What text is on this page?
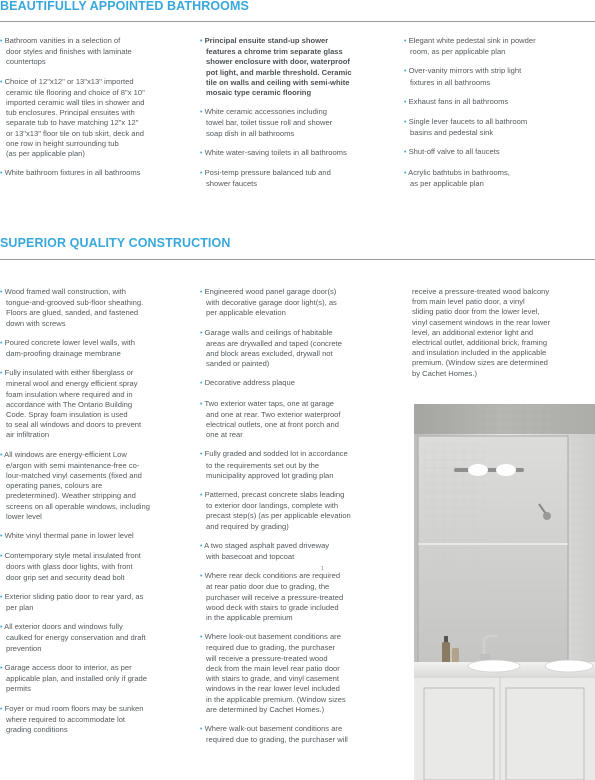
BEAUTIFULLY APPOINTED BATHROOMS
• Bathroom vanities in a selection of
door styles and finishes with laminate
countertops
• Choice of 12"x12" or 13"x13" imported
ceramic tile flooring and choice of 8"x 10"
imported ceramic wall tiles in shower and
tub enclosures. Principal ensuites with
separate tub to have matching 12"x 12"
or 13"x13" floor tile on tub skirt, deck and
one row in height surrounding tub
(as per applicable plan)
• White bathroom fixtures in all bathrooms
• Principal ensuite stand-up shower
features a chrome trim separate glass
shower enclosure with door, waterproof
pot light, and marble threshold. Ceramic
tile on walls and ceiling with semi-white
mosaic type ceramic flooring
• White ceramic accessories including
towel bar, toilet tissue roll and shower
soap dish in all bathrooms
• White water-saving toilets in all bathrooms
• Posi-temp pressure balanced tub and
shower faucets
• Elegant white pedestal sink in powder
room, as per applicable plan
• Over-vanity mirrors with strip light
fixtures in all bathrooms
• Exhaust fans in all bathrooms
• Single lever faucets to all bathroom
basins and pedestal sink
• Shut-off valve to all faucets
• Acrylic bathtubs in bathrooms,
as per applicable plan
SUPERIOR QUALITY CONSTRUCTION
• Wood framed wall construction, with
tongue-and-grooved sub-floor sheathing.
Floors are glued, sanded, and fastened
down with screws
• Poured concrete lower level walls, with
dam-proofing drainage membrane
• Fully insulated with either fiberglass or
mineral wool and energy efficient spray
foam insulation where required and in
accordance with The Ontario Building
Code. Spray foam insulation is used
to seal all windows and doors to prevent
air infiltration
• All windows are energy-efficient Low
e/argon with semi maintenance-free co-
lour-matched vinyl casements (fixed and
operating panes, colours are
predetermined). Weather stripping and
screens on all operable windows, including
lower level
• White vinyl thermal pane in lower level
• Contemporary style metal insulated front
doors with glass door lights, with front
door grip set and security dead bolt
• Exterior sliding patio door to rear yard, as
per plan
• All exterior doors and windows fully
caulked for energy conservation and draft
prevention
• Garage access door to interior, as per
applicable plan, and installed only if grade
permits
• Foyer or mud room floors may be sunken
where required to accommodate lot
grading conditions
• Engineered wood panel garage door(s)
with decorative garage door light(s), as
per applicable elevation
• Garage walls and ceilings of habitable
areas are drywalled and taped (concrete
and block areas excluded, drywall not
sanded or painted)
• Decorative address plaque
• Two exterior water taps, one at garage
and one at rear. Two exterior waterproof
electrical outlets, one at front porch and
one at rear
• Fully graded and sodded lot in accordance
to the requirements set out by the
municipality approved lot grading plan
• Patterned, precast concrete slabs leading
to exterior door landings, complete with
precast step(s) (as per applicable elevation
and required by grading)
• A two staged asphalt paved driveway
with basecoat and topcoat
• Where rear deck conditions are required
at rear patio door due to grading, the
purchaser will receive a pressure-treated
wood deck with stairs to grade included
in the applicable premium
• Where look-out basement conditions are
required due to grading, the purchaser
will receive a pressure-treated wood
deck from the main level rear patio door
with stairs to grade, and vinyl casement
windows in the rear lower level included
in the applicable premium. (Window sizes
are determined by Cachet Homes.)
• Where walk-out basement conditions are
required due to grading, the purchaser will
1
receive a pressure-treated wood balcony
from main level patio door, a vinyl
sliding patio door from the lower level,
vinyl casement windows in the rear lower
level, an additional exterior light and
electrical outlet, additional brick, framing
and insulation included in the applicable
premium. (Window sizes are determined
by Cachet Homes.)
